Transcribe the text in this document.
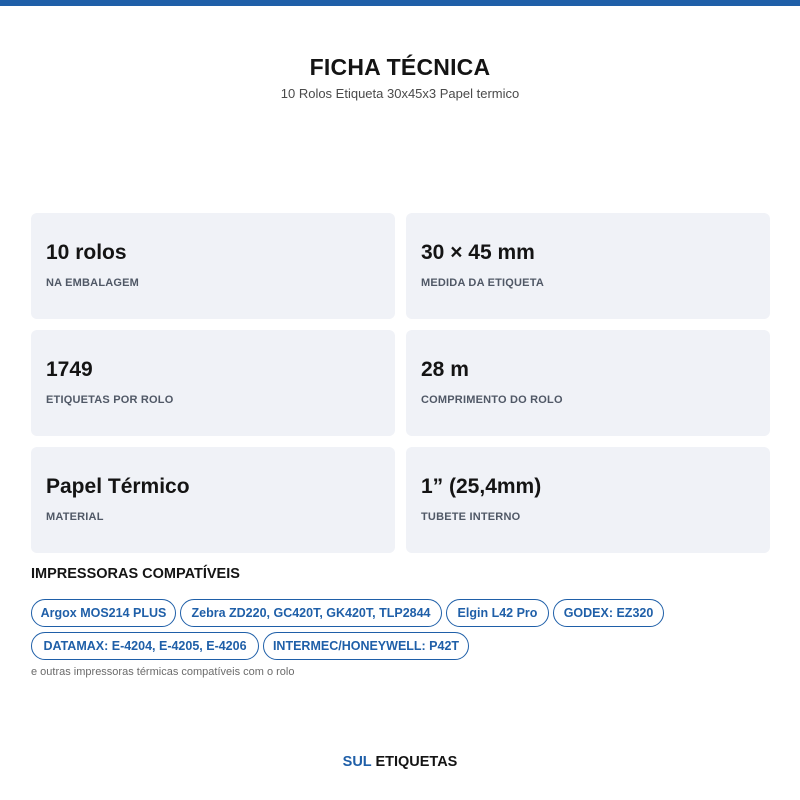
FICHA TÉCNICA
10 Rolos Etiqueta 30x45x3 Papel termico
10 rolos
NA EMBALAGEM
30 × 45 mm
MEDIDA DA ETIQUETA
1749
ETIQUETAS POR ROLO
28 m
COMPRIMENTO DO ROLO
Papel Térmico
MATERIAL
1” (25,4mm)
TUBETE INTERNO
IMPRESSORAS COMPATÍVEIS
Argox MOS214 PLUS	Zebra ZD220, GC420T, GK420T, TLP2844	Elgin L42 Pro	GODEX: EZ320
DATAMAX: E-4204, E-4205, E-4206	INTERMEC/HONEYWELL: P42T
e outras impressoras térmicas compatíveis com o rolo
SUL ETIQUETAS
